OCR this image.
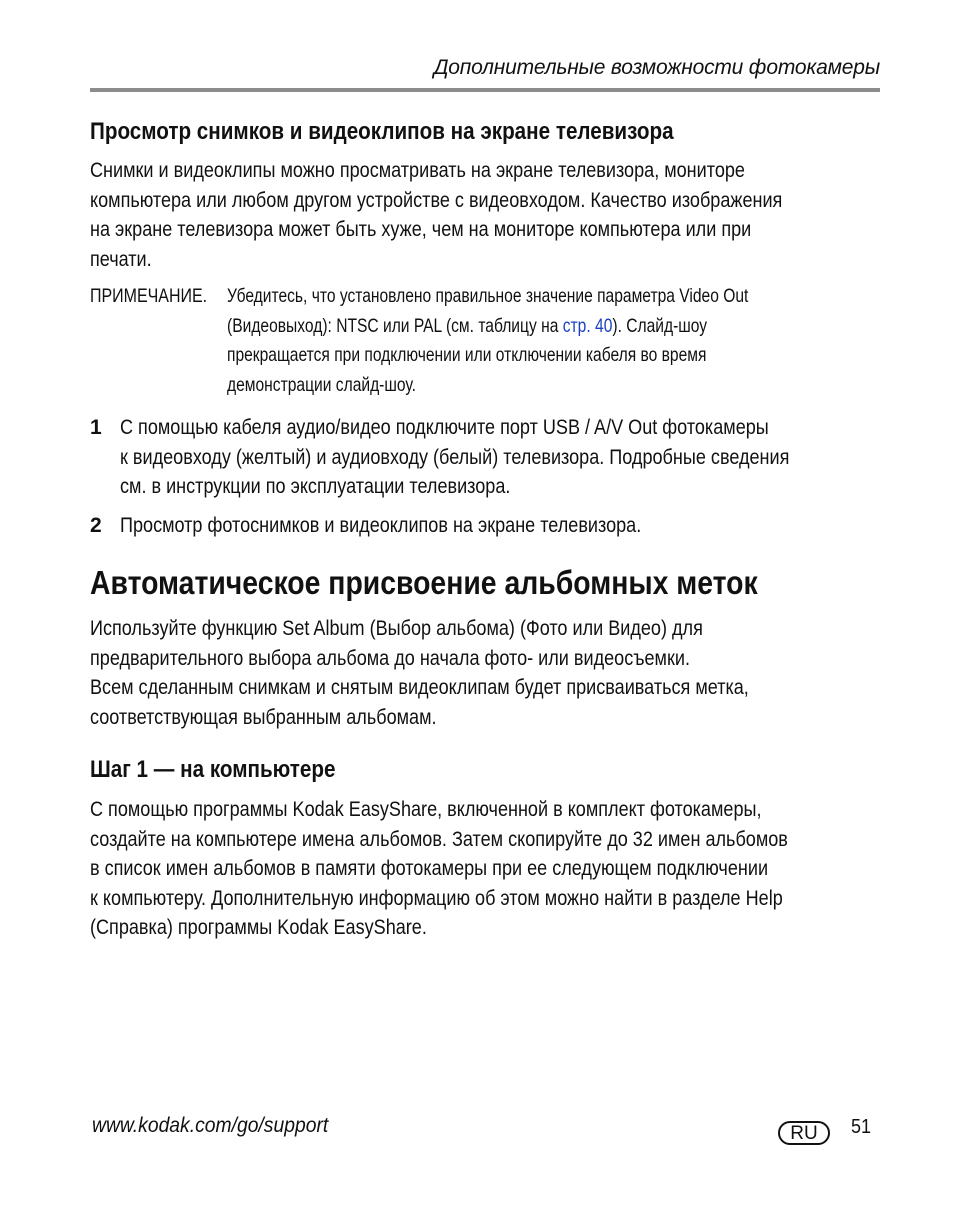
Дополнительные возможности фотокамеры
Просмотр снимков и видеоклипов на экране телевизора

Снимки и видеоклипы можно просматривать на экране телевизора, мониторе
компьютера или любом другом устройстве с видеовходом. Качество изображения
на экране телевизора может быть хуже, чем на мониторе компьютера или при
печати.

ПРИМЕЧАНИЕ. Убедитесь, что установлено правильное значение параметра Video Out
(Видеовыход): NTSC или PAL (см. таблицу на стр. 40). Слайд-шоу
прекращается при подключении или отключении кабеля во время
демонстрации слайд-шоу.
1 С помощью кабеля аудио/видео подключите порт USB / A/V Out фотокамеры
к видеовходу (желтый) и аудиовходу (белый) телевизора. Подробные сведения
см. в инструкции по эксплуатации телевизора.
2 Просмотр фотоснимков и видеоклипов на экране телевизора.
Автоматическое присвоение альбомных меток

Используйте функцию Set Album (Выбор альбома) (Фото или Видео) для
предварительного выбора альбома до начала фото- или видеосъемки.
Всем сделанным снимкам и снятым видеоклипам будет присваиваться метка,
соответствующая выбранным альбомам.

Шаг 1 — на компьютере

С помощью программы Kodak EasyShare, включенной в комплект фотокамеры,
создайте на компьютере имена альбомов. Затем скопируйте до 32 имен альбомов
в список имен альбомов в памяти фотокамеры при ее следующем подключении
к компьютеру. Дополнительную информацию об этом можно найти в разделе Help
(Справка) программы Kodak EasyShare.

www.kodak.com/go/support	RU	51
